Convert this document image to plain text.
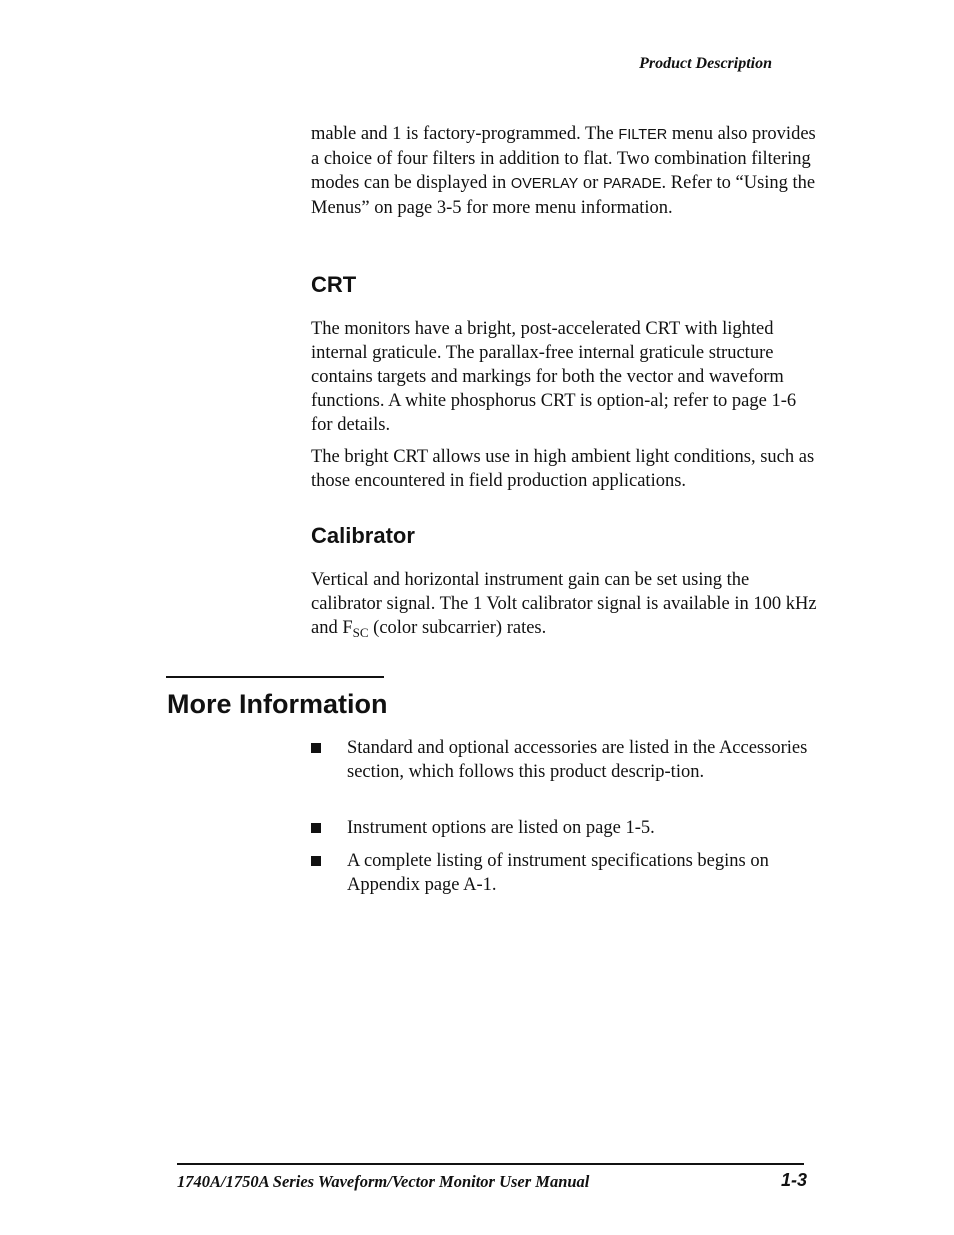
Product Description

mable and 1 is factory-programmed. The FILTER menu also provides a choice of four filters in addition to flat. Two combination filtering modes can be displayed in OVERLAY or PARADE. Refer to “Using the Menus” on page 3-5 for more menu information.

CRT

The monitors have a bright, post-accelerated CRT with lighted internal graticule. The parallax-free internal graticule structure contains targets and markings for both the vector and waveform functions. A white phosphorus CRT is option-al; refer to page 1-6 for details.

The bright CRT allows use in high ambient light conditions, such as those encountered in field production applications.

Calibrator

Vertical and horizontal instrument gain can be set using the calibrator signal. The 1 Volt calibrator signal is available in 100 kHz and $F_{SC}$ (color subcarrier) rates.

More Information
Standard and optional accessories are listed in the Accessories section, which follows this product descrip-tion.
Instrument options are listed on page 1-5.
A complete listing of instrument specifications begins on Appendix page A-1.
1740A/1750A Series Waveform/Vector Monitor User Manual	1-3
